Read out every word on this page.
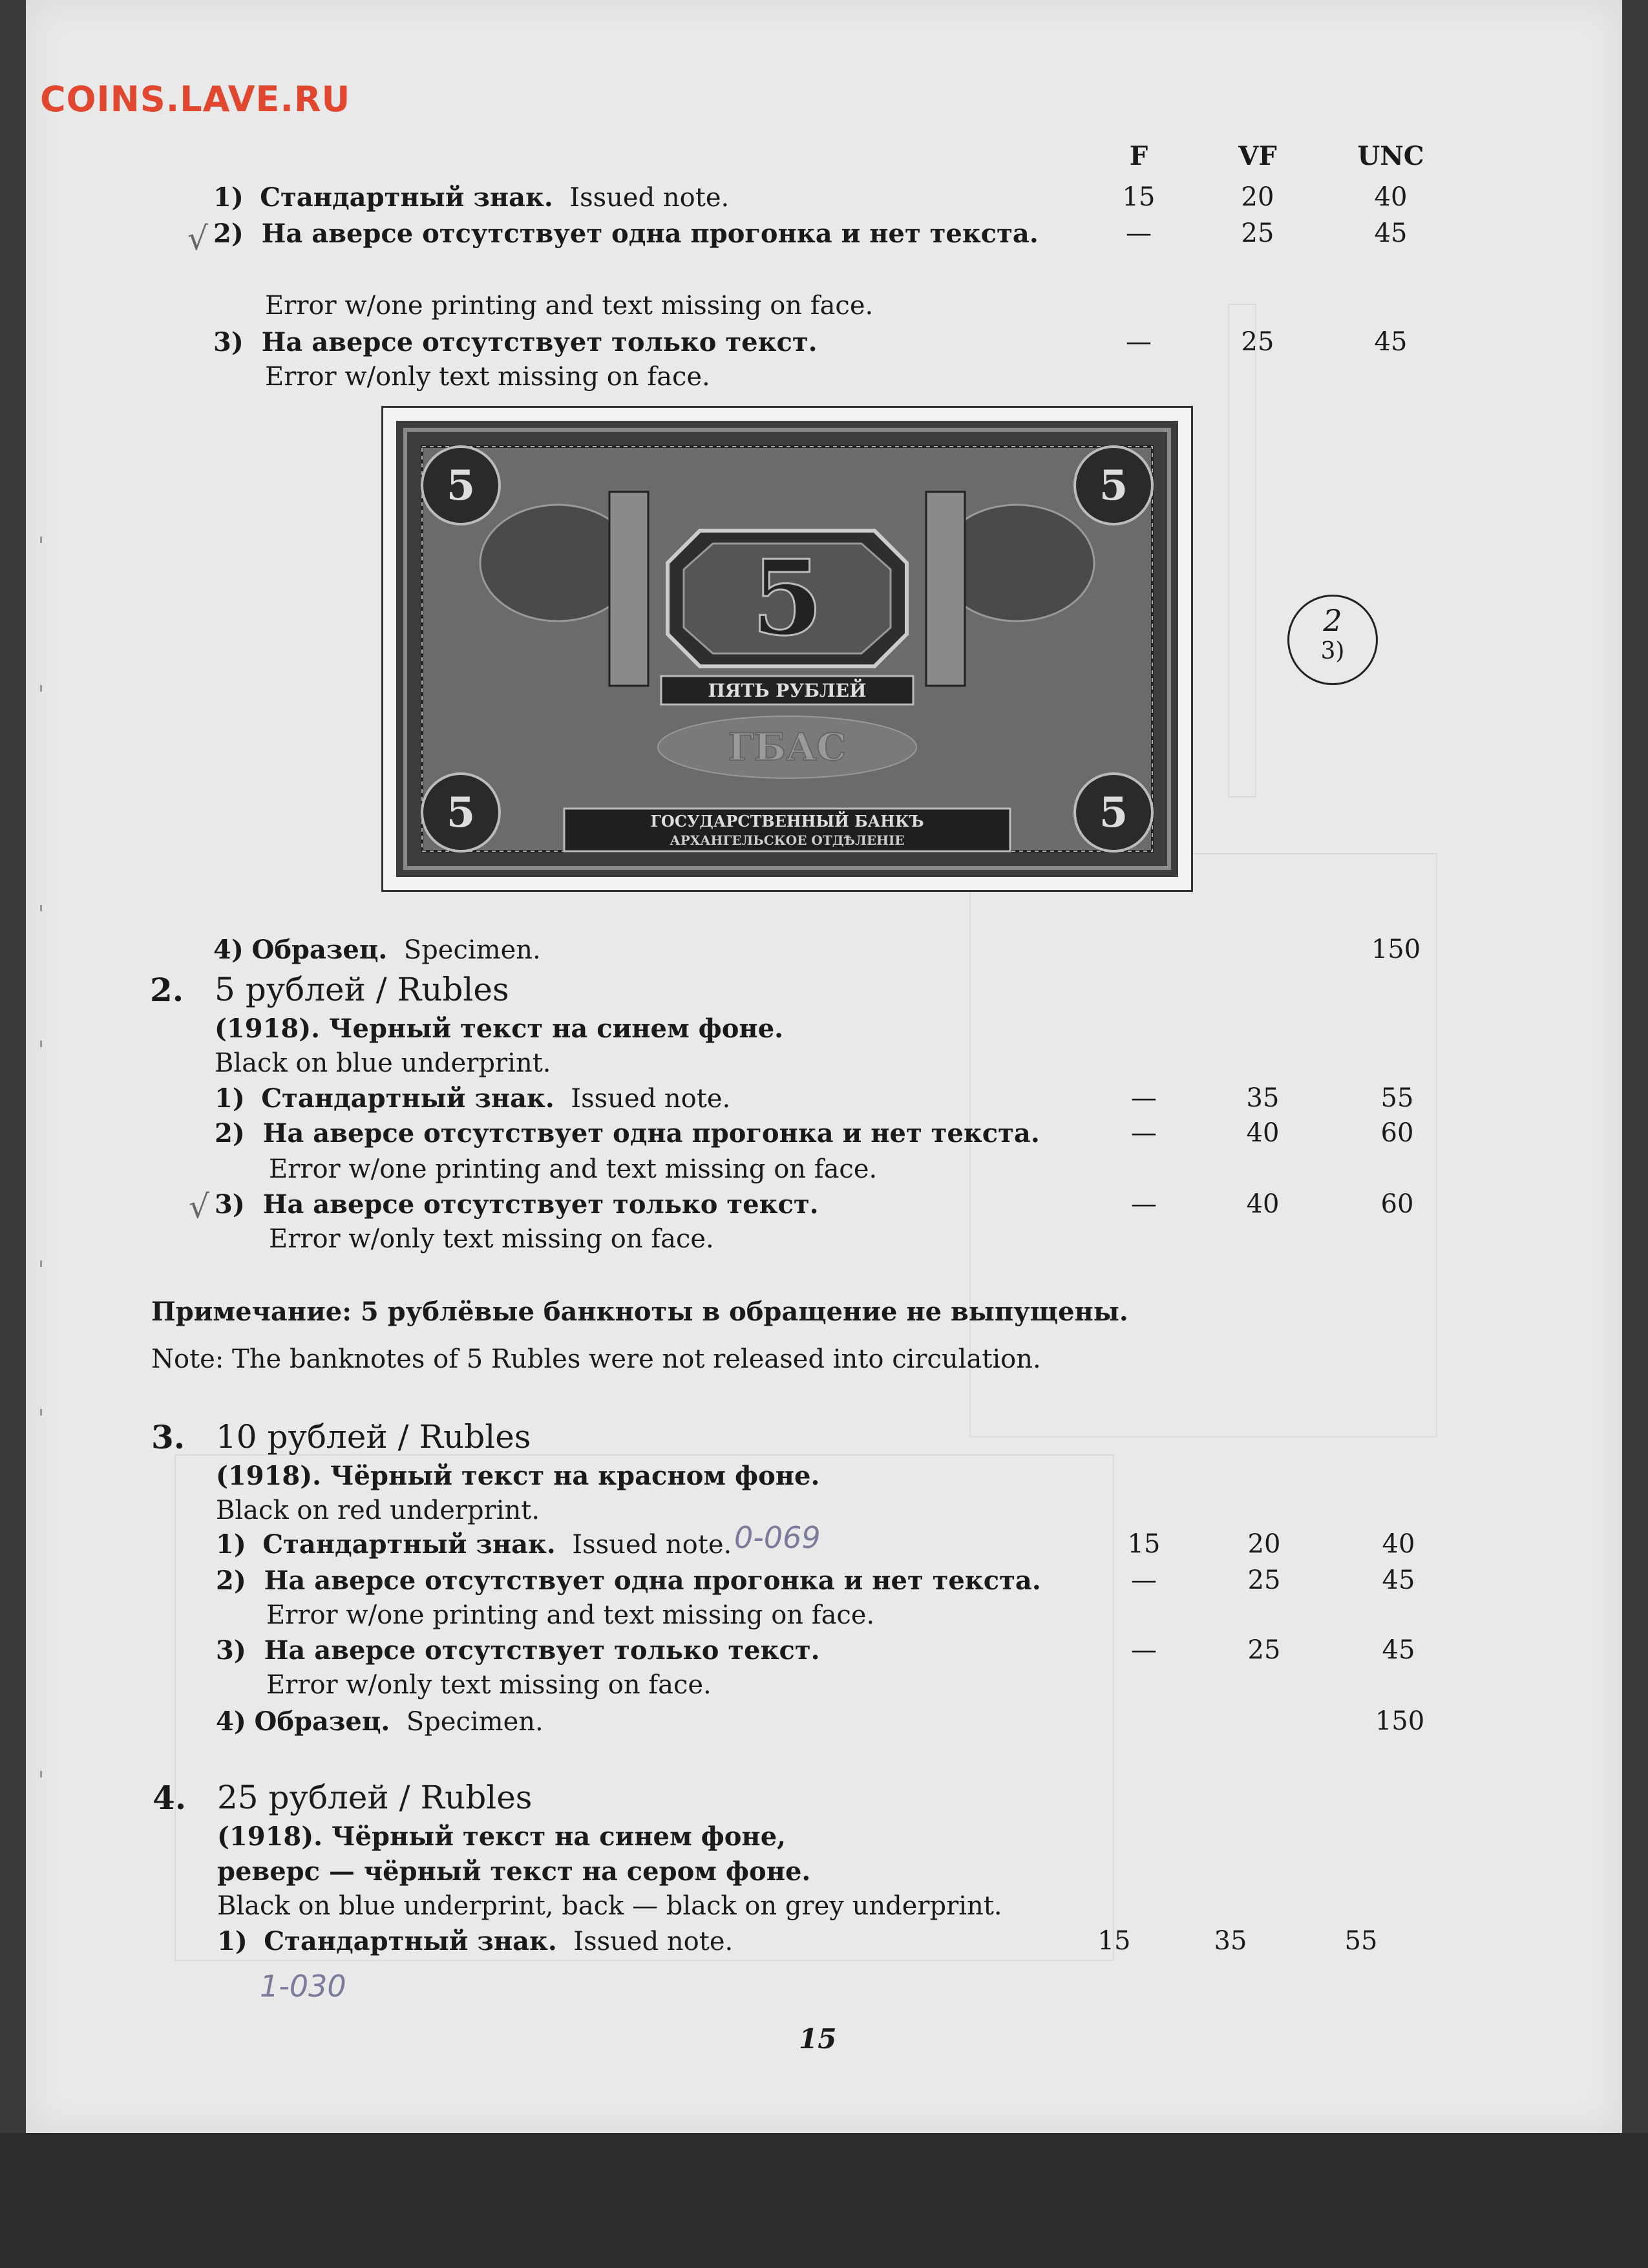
COINS.LAVE.RU
F	VF	UNC
1) Стандартный знак. Issued note.	15	20	40
√ 2) На аверсе отсутствует одна прогонка и нет текста.	—	25	45
Error w/one printing and text missing on face.
3) На аверсе отсутствует только текст.	—	25	45
Error w/only text missing on face.
5	5
5	5
5
ПЯТЬ РУБЛЕЙ
ГБАС
ГОСУДАРСТВЕННЫЙ БАНКЪ
АРХАНГЕЛЬСКОЕ ОТДѢЛЕНІЕ
2
3)
4) Образец. Specimen.	150
2. 5 рублей / Rubles
(1918). Черный текст на синем фоне.
Black on blue underprint.
1) Стандартный знак. Issued note.	—	35	55
2) На аверсе отсутствует одна прогонка и нет текста.	—	40	60
Error w/one printing and text missing on face.
√ 3) На аверсе отсутствует только текст.	—	40	60
Error w/only text missing on face.
Примечание: 5 рублёвые банкноты в обращение не выпущены.
Note: The banknotes of 5 Rubles were not released into circulation.
3. 10 рублей / Rubles
(1918). Чёрный текст на красном фоне.
Black on red underprint.
1) Стандартный знак. Issued note. 0-069	15	20	40
2) На аверсе отсутствует одна прогонка и нет текста.	—	25	45
Error w/one printing and text missing on face.
3) На аверсе отсутствует только текст.	—	25	45
Error w/only text missing on face.
4) Образец. Specimen.	150
4. 25 рублей / Rubles
(1918). Чёрный текст на синем фоне,
реверс — чёрный текст на сером фоне.
Black on blue underprint, back — black on grey underprint.
1) Стандартный знак. Issued note.	15	35	55
1-030
15
